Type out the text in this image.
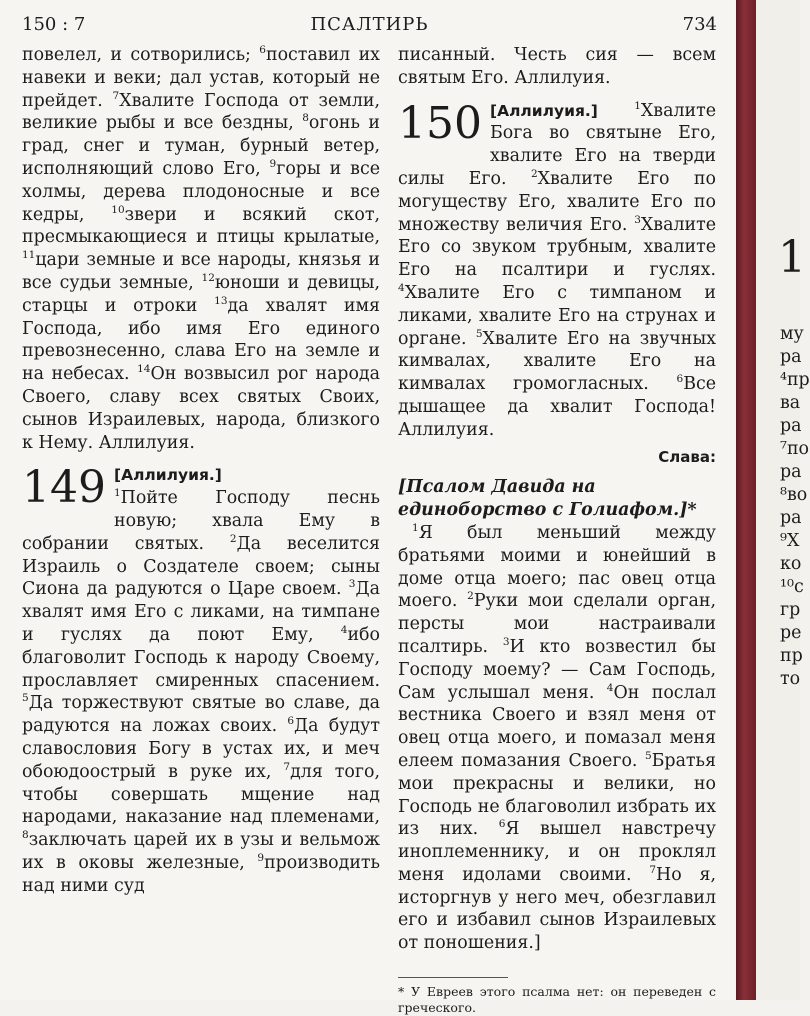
150 : 7	ПСАЛТИРЬ	734

повелел, и сотворились; $^6$поставил их навеки и веки; дал устав, который не прейдет. $^7$Хвалите Господа от земли, великие рыбы и все бездны, $^8$огонь и град, снег и туман, бурный ветер, исполняющий слово Его, $^9$горы и все холмы, дерева плодоносные и все кедры, $^{10}$звери и всякий скот, пресмыкающиеся и птицы крылатые, $^{11}$цари земные и все народы, князья и все судьи земные, $^{12}$юноши и девицы, старцы и отроки $^{13}$да хвалят имя Господа, ибо имя Его единого превознесенно, слава Его на земле и на небесах. $^{14}$Он возвысил рог народа Своего, славу всех святых Своих, сынов Израилевых, народа, близкого к Нему. Аллилуия.

149 [Аллилуия.]
$^1$Пойте Господу песнь новую; хвала Ему в собрании святых. $^2$Да веселится Израиль о Создателе своем; сыны Сиона да радуются о Царе своем. $^3$Да хвалят имя Его с ликами, на тимпане и гуслях да поют Ему, $^4$ибо благоволит Господь к народу Своему, прославляет смиренных спасением. $^5$Да торжествуют святые во славе, да радуются на ложах своих. $^6$Да будут славословия Богу в устах их, и меч обоюдоострый в руке их, $^7$для того, чтобы совершать мщение над народами, наказание над племенами, $^8$заключать царей их в узы и вельмож их в оковы железные, $^9$производить над ними суд

писанный. Честь сия — всем святым Его. Аллилуия.

150 [Аллилуия.]	$^1$Хвалите Бога во святыне Его, хвалите Его на тверди силы Его. $^2$Хвалите Его по могуществу Его, хвалите Его по множеству величия Его. $^3$Хвалите Его со звуком трубным, хвалите Его на псалтири и гуслях. $^4$Хвалите Его с тимпаном и ликами, хвалите Его на струнах и органе. $^5$Хвалите Его на звучных кимвалах, хвалите Его на кимвалах громогласных. $^6$Все дышащее да хвалит Господа! Аллилуия.

Слава:
[Псалом Давида на единоборство с Голиафом.]*

$^1$Я был меньший между братьями моими и юнейший в доме отца моего; пас овец отца моего. $^2$Руки мои сделали орган, персты мои настраивали псалтирь. $^3$И кто возвестил бы Господу моему? — Сам Господь, Сам услышал меня. $^4$Он послал вестника Своего и взял меня от овец отца моего, и помазал меня елеем помазания Своего. $^5$Братья мои прекрасны и велики, но Господь не благоволил избрать их из них. $^6$Я вышел навстречу иноплеменнику, и он проклял меня идолами своими. $^7$Но я, исторгнув у него меч, обезглавил его и избавил сынов Израилевых от поношения.]

* У Евреев этого псалма нет: он переведен с греческого.
му
ра
⁴пр
ва
ра
⁷по
ра
⁸во
ра
⁹Х
ко
¹⁰с
гр
ре
пр
то
1
